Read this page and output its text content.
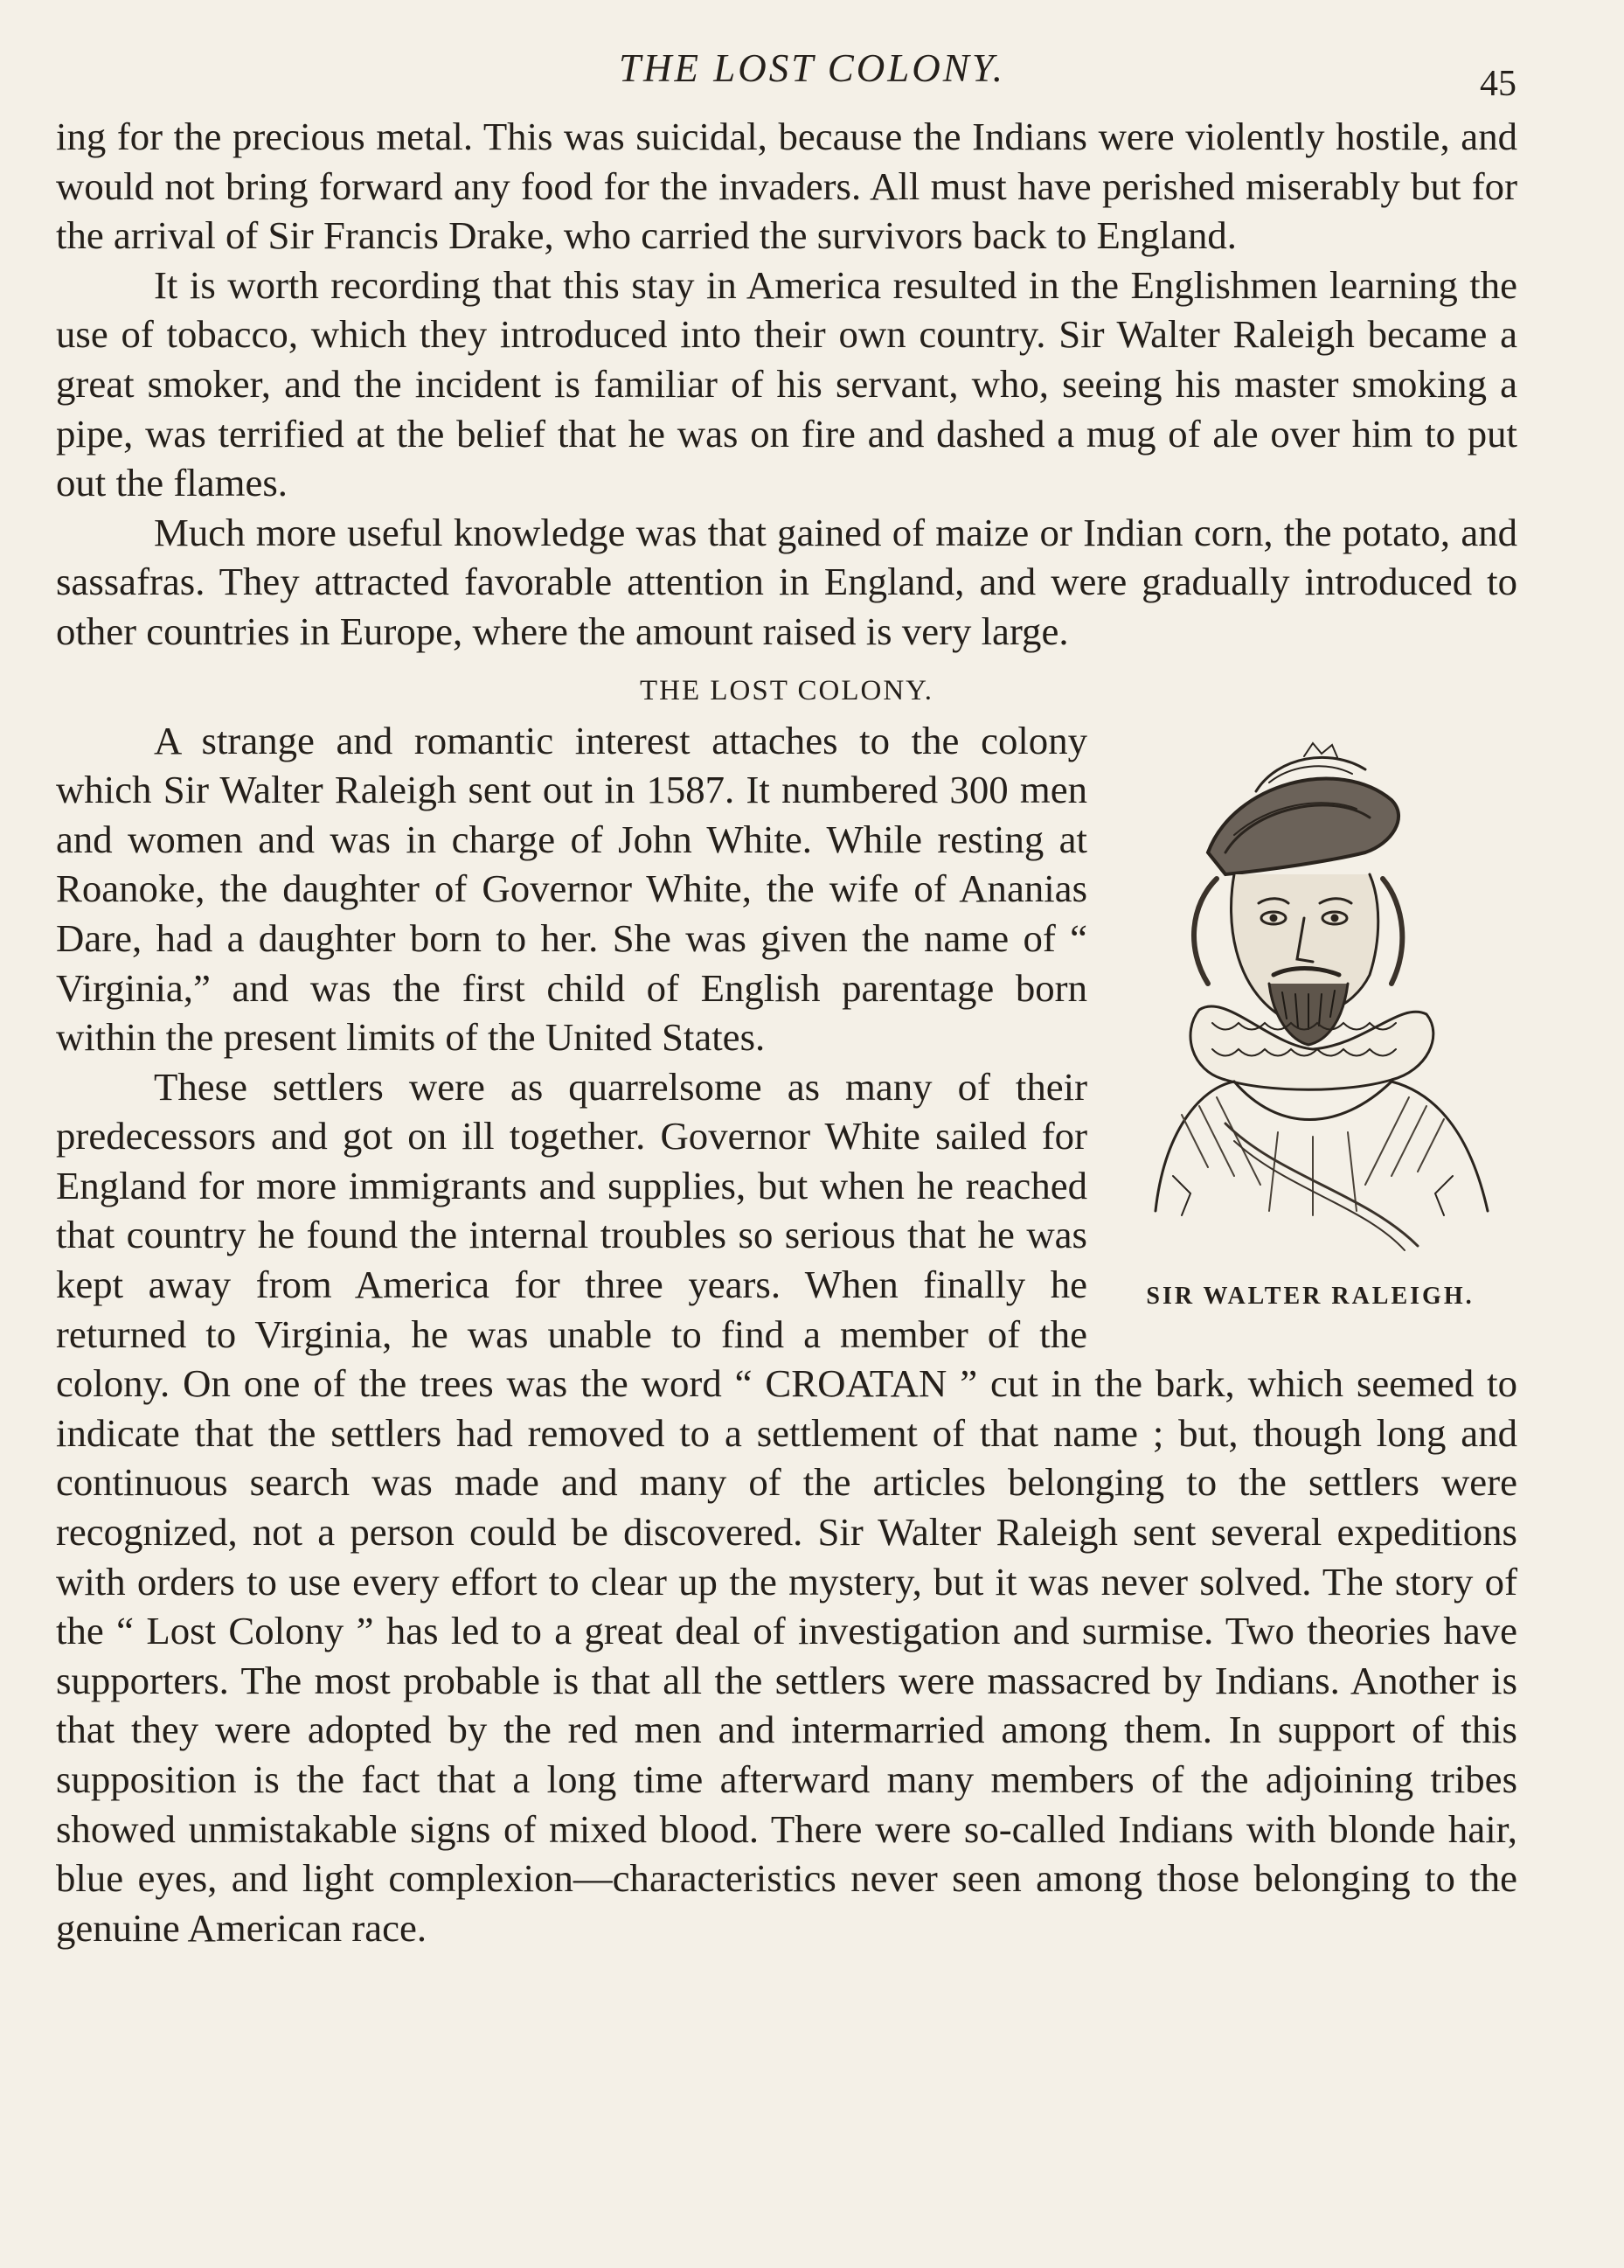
THE LOST COLONY.	45

ing for the precious metal. This was suicidal, because the Indians were violently hostile, and would not bring forward any food for the invaders. All must have perished miserably but for the arrival of Sir Francis Drake, who carried the survivors back to England.

It is worth recording that this stay in America resulted in the Englishmen learning the use of tobacco, which they introduced into their own country. Sir Walter Raleigh became a great smoker, and the incident is familiar of his servant, who, seeing his master smoking a pipe, was terrified at the belief that he was on fire and dashed a mug of ale over him to put out the flames.

Much more useful knowledge was that gained of maize or Indian corn, the potato, and sassafras. They attracted favorable attention in England, and were gradually introduced to other countries in Europe, where the amount raised is very large.

THE LOST COLONY.
SIR WALTER RALEIGH.

A strange and romantic interest attaches to the colony which Sir Walter Raleigh sent out in 1587. It numbered 300 men and women and was in charge of John White. While resting at Roanoke, the daughter of Governor White, the wife of Ananias Dare, had a daughter born to her. She was given the name of “ Virginia,” and was the first child of English parentage born within the present limits of the United States.

These settlers were as quarrelsome as many of their predecessors and got on ill together. Governor White sailed for England for more immigrants and supplies, but when he reached that country he found the internal troubles so serious that he was kept away from America for three years. When finally he returned to Virginia, he was unable to find a member of the colony. On one of the trees was the word “ CROATAN ” cut in the bark, which seemed to indicate that the settlers had removed to a settlement of that name ; but, though long and continuous search was made and many of the articles belonging to the settlers were recognized, not a person could be discovered. Sir Walter Raleigh sent several expeditions with orders to use every effort to clear up the mystery, but it was never solved. The story of the “ Lost Colony ” has led to a great deal of investigation and surmise. Two theories have supporters. The most probable is that all the settlers were massacred by Indians. Another is that they were adopted by the red men and intermarried among them. In support of this supposition is the fact that a long time afterward many members of the adjoining tribes showed unmistakable signs of mixed blood. There were so-called Indians with blonde hair, blue eyes, and light complexion—characteristics never seen among those belonging to the genuine American race.
